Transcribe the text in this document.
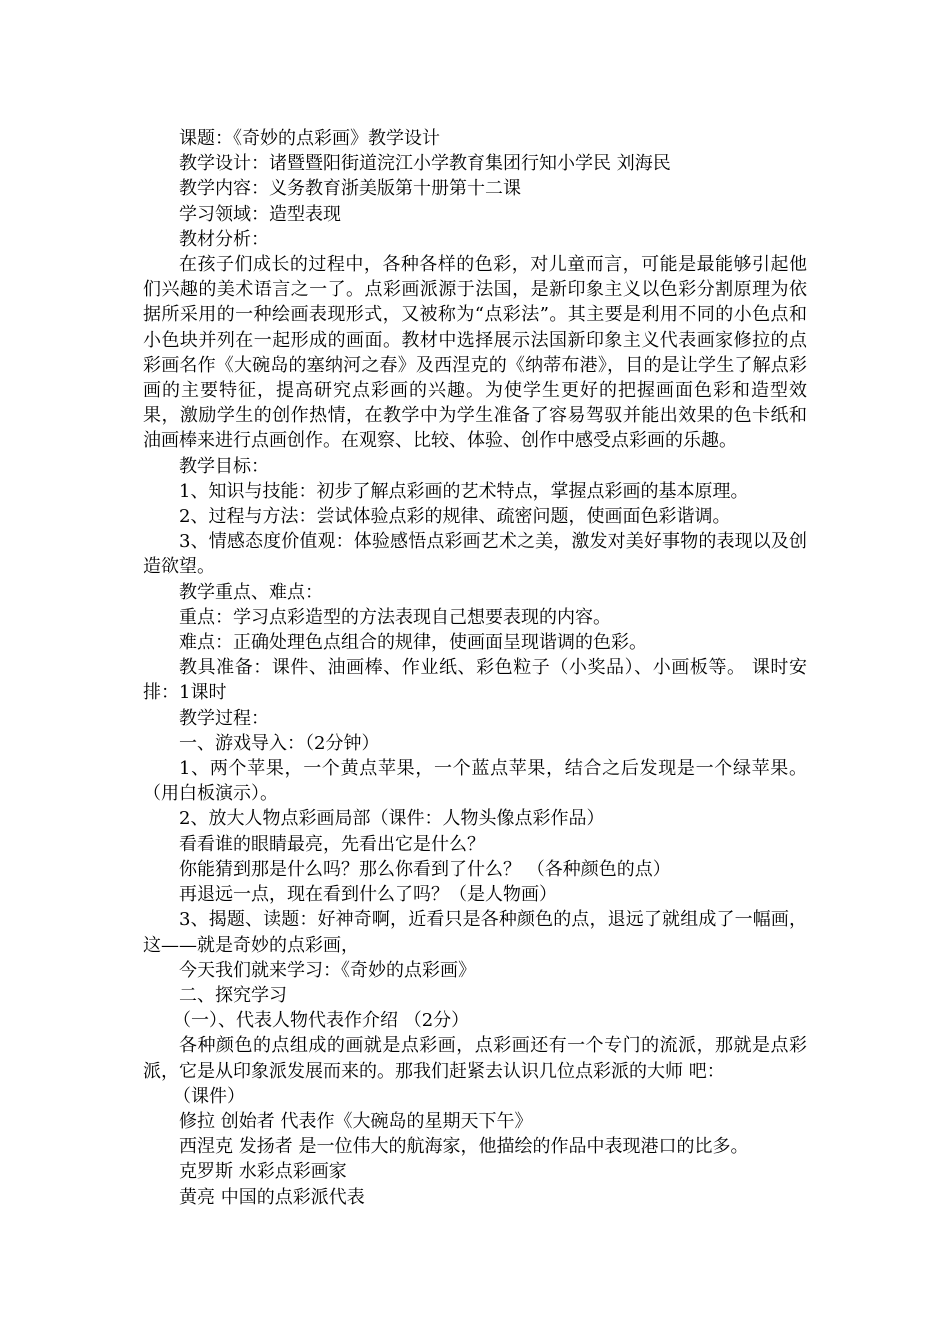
课题：《奇妙的点彩画》教学设计

教学设计：诸暨暨阳街道浣江小学教育集团行知小学民 刘海民

教学内容：义务教育浙美版第十册第十二课

学习领域：造型表现

教材分析：

在孩子们成长的过程中，各种各样的色彩，对儿童而言，可能是最能够引起他们兴趣的美术语言之一了。点彩画派源于法国，是新印象主义以色彩分割原理为依据所采用的一种绘画表现形式，又被称为“点彩法”。其主要是利用不同的小色点和小色块并列在一起形成的画面。教材中选择展示法国新印象主义代表画家修拉的点彩画名作《大碗岛的塞纳河之春》及西涅克的《纳蒂布港》，目的是让学生了解点彩画的主要特征，提高研究点彩画的兴趣。为使学生更好的把握画面色彩和造型效果，激励学生的创作热情，在教学中为学生准备了容易驾驭并能出效果的色卡纸和油画棒来进行点画创作。在观察、比较、体验、创作中感受点彩画的乐趣。

教学目标：

1、知识与技能：初步了解点彩画的艺术特点，掌握点彩画的基本原理。

2、过程与方法：尝试体验点彩的规律、疏密问题，使画面色彩谐调。

3、情感态度价值观：体验感悟点彩画艺术之美，激发对美好事物的表现以及创造欲望。

教学重点、难点：

重点：学习点彩造型的方法表现自己想要表现的内容。

难点：正确处理色点组合的规律，使画面呈现谐调的色彩。

教具准备：课件、油画棒、作业纸、彩色粒子（小奖品）、小画板等。 课时安排：1课时

教学过程：

一、游戏导入：（2分钟）

1、两个苹果，一个黄点苹果，一个蓝点苹果，结合之后发现是一个绿苹果。（用白板演示）。

2、放大人物点彩画局部（课件：人物头像点彩作品）

看看谁的眼睛最亮，先看出它是什么？

你能猜到那是什么吗？那么你看到了什么？ （各种颜色的点）

再退远一点，现在看到什么了吗？（是人物画）

3、揭题、读题：好神奇啊，近看只是各种颜色的点，退远了就组成了一幅画，这——就是奇妙的点彩画，

今天我们就来学习：《奇妙的点彩画》

二、探究学习

（一）、代表人物代表作介绍 （2分）

各种颜色的点组成的画就是点彩画，点彩画还有一个专门的流派，那就是点彩派，它是从印象派发展而来的。那我们赶紧去认识几位点彩派的大师 吧：

（课件）

修拉 创始者 代表作《大碗岛的星期天下午》

西涅克 发扬者 是一位伟大的航海家，他描绘的作品中表现港口的比多。

克罗斯 水彩点彩画家

黄亮 中国的点彩派代表
